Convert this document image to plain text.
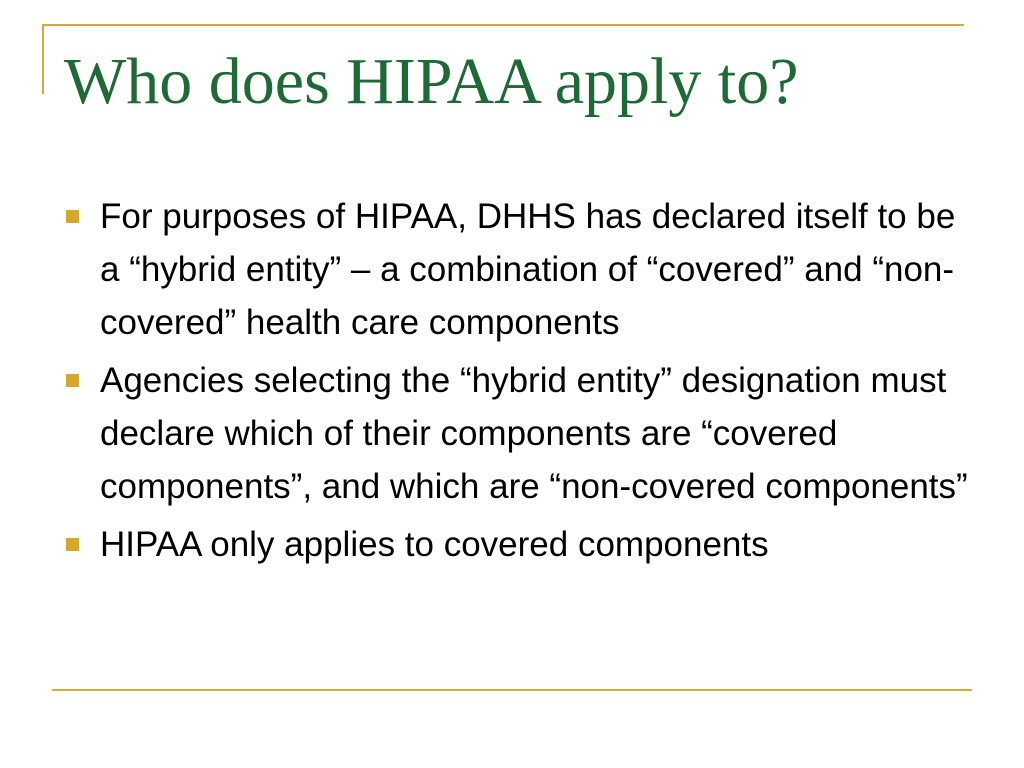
Who does HIPAA apply to?
For purposes of HIPAA, DHHS has declared itself to be a “hybrid entity” – a combination of “covered” and “non-covered” health care components
Agencies selecting the “hybrid entity” designation must declare which of their components are “covered components”, and which are “non-covered components”
HIPAA only applies to covered components
